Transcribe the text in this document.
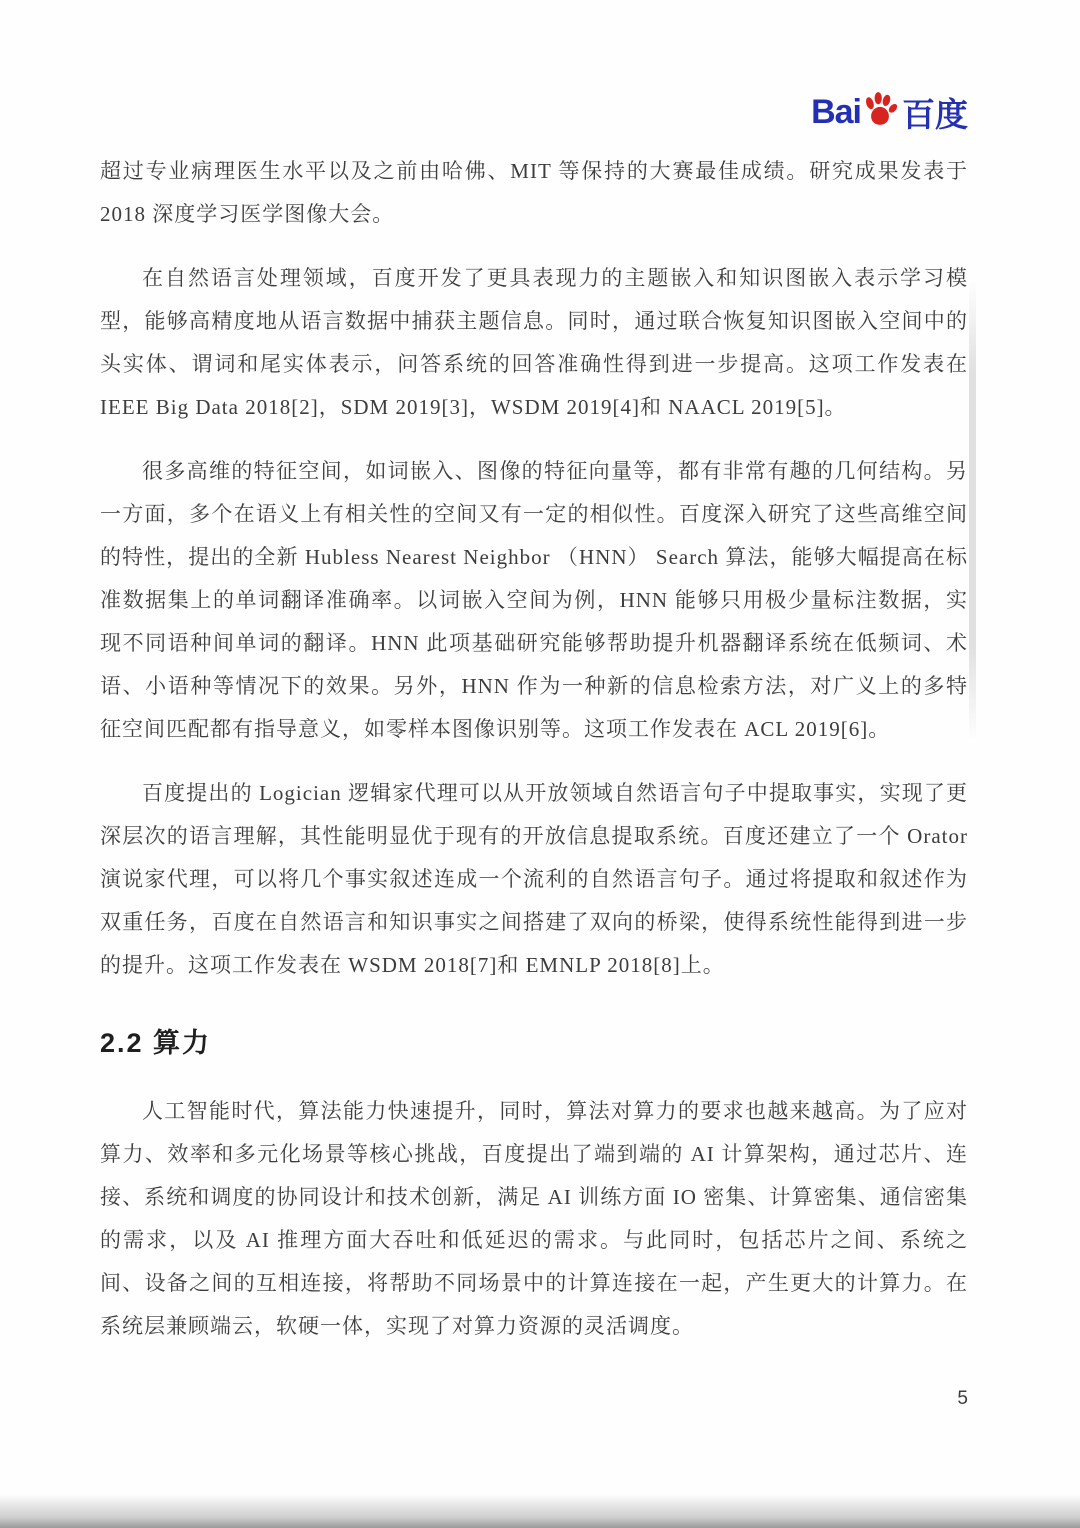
Bai 百度

超过专业病理医生水平以及之前由哈佛、MIT 等保持的大赛最佳成绩。研究成果发表于 2018 深度学习医学图像大会。

在自然语言处理领域，百度开发了更具表现力的主题嵌入和知识图嵌入表示学习模型，能够高精度地从语言数据中捕获主题信息。同时，通过联合恢复知识图嵌入空间中的头实体、谓词和尾实体表示，问答系统的回答准确性得到进一步提高。这项工作发表在 IEEE Big Data 2018[2]，SDM 2019[3]，WSDM 2019[4]和 NAACL 2019[5]。

很多高维的特征空间，如词嵌入、图像的特征向量等，都有非常有趣的几何结构。另一方面，多个在语义上有相关性的空间又有一定的相似性。百度深入研究了这些高维空间的特性，提出的全新 Hubless Nearest Neighbor （HNN） Search 算法，能够大幅提高在标准数据集上的单词翻译准确率。以词嵌入空间为例，HNN 能够只用极少量标注数据，实现不同语种间单词的翻译。HNN 此项基础研究能够帮助提升机器翻译系统在低频词、术语、小语种等情况下的效果。另外，HNN 作为一种新的信息检索方法，对广义上的多特征空间匹配都有指导意义，如零样本图像识别等。这项工作发表在 ACL 2019[6]。

百度提出的 Logician 逻辑家代理可以从开放领域自然语言句子中提取事实，实现了更深层次的语言理解，其性能明显优于现有的开放信息提取系统。百度还建立了一个 Orator 演说家代理，可以将几个事实叙述连成一个流利的自然语言句子。通过将提取和叙述作为双重任务，百度在自然语言和知识事实之间搭建了双向的桥梁，使得系统性能得到进一步的提升。这项工作发表在 WSDM 2018[7]和 EMNLP 2018[8]上。

2.2 算力

人工智能时代，算法能力快速提升，同时，算法对算力的要求也越来越高。为了应对算力、效率和多元化场景等核心挑战，百度提出了端到端的 AI 计算架构，通过芯片、连接、系统和调度的协同设计和技术创新，满足 AI 训练方面 IO 密集、计算密集、通信密集的需求，以及 AI 推理方面大吞吐和低延迟的需求。与此同时，包括芯片之间、系统之间、设备之间的互相连接，将帮助不同场景中的计算连接在一起，产生更大的计算力。在系统层兼顾端云，软硬一体，实现了对算力资源的灵活调度。

5
